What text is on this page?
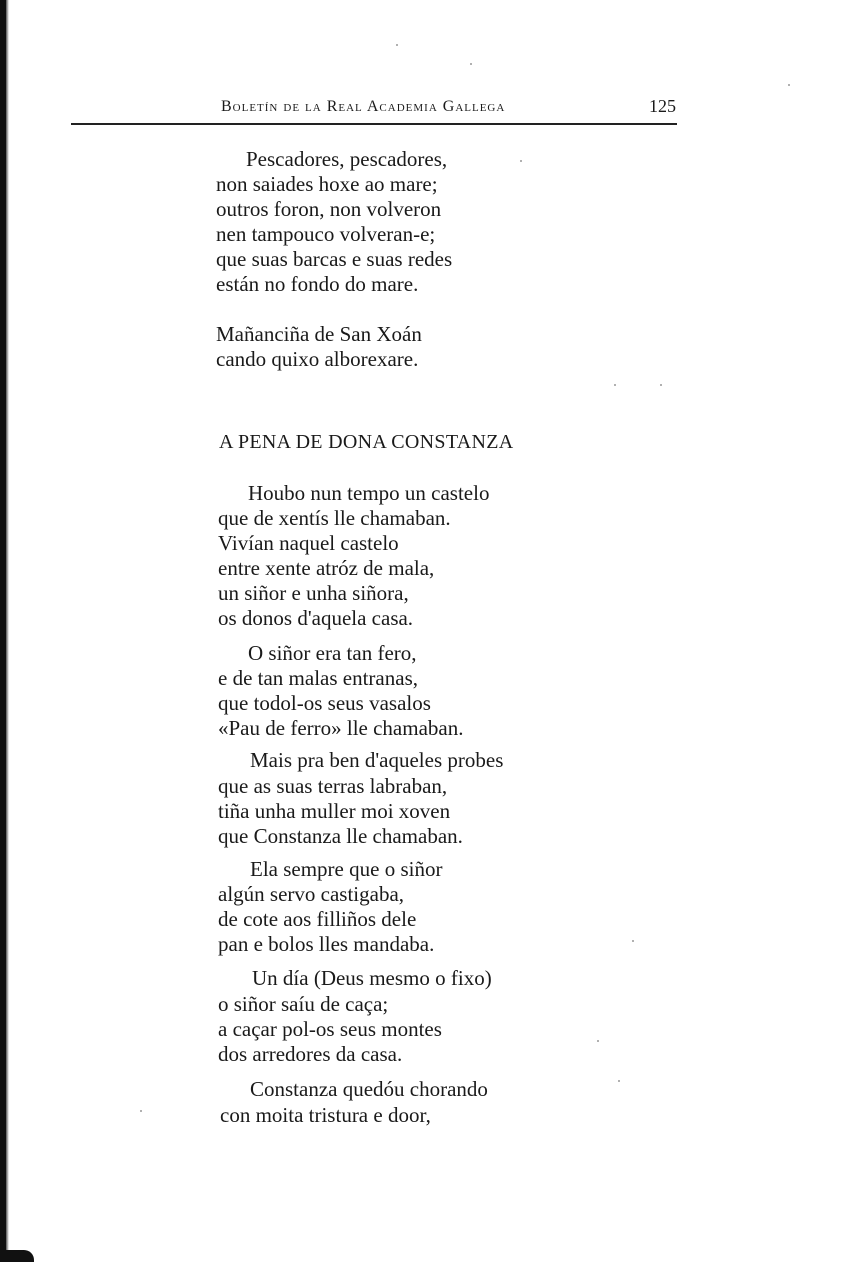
Boletín de la Real Academia Gallega	125
Pescadores, pescadores,
non saiades hoxe ao mare;
outros foron, non volveron
nen tampouco volveran-e;
que suas barcas e suas redes
están no fondo do mare.
Mañanciña de San Xoán
cando quixo alborexare.
A PENA DE DONA CONSTANZA
Houbo nun tempo un castelo
que de xentís lle chamaban.
Vivían naquel castelo
entre xente atróz de mala,
un siñor e unha siñora,
os donos d'aquela casa.
O siñor era tan fero,
e de tan malas entranas,
que todol-os seus vasalos
«Pau de ferro» lle chamaban.
Mais pra ben d'aqueles probes
que as suas terras labraban,
tiña unha muller moi xoven
que Constanza lle chamaban.
Ela sempre que o siñor
algún servo castigaba,
de cote aos filliños dele
pan e bolos lles mandaba.
Un día (Deus mesmo o fixo)
o siñor saíu de caça;
a caçar pol-os seus montes
dos arredores da casa.
Constanza quedóu chorando
con moita tristura e door,
